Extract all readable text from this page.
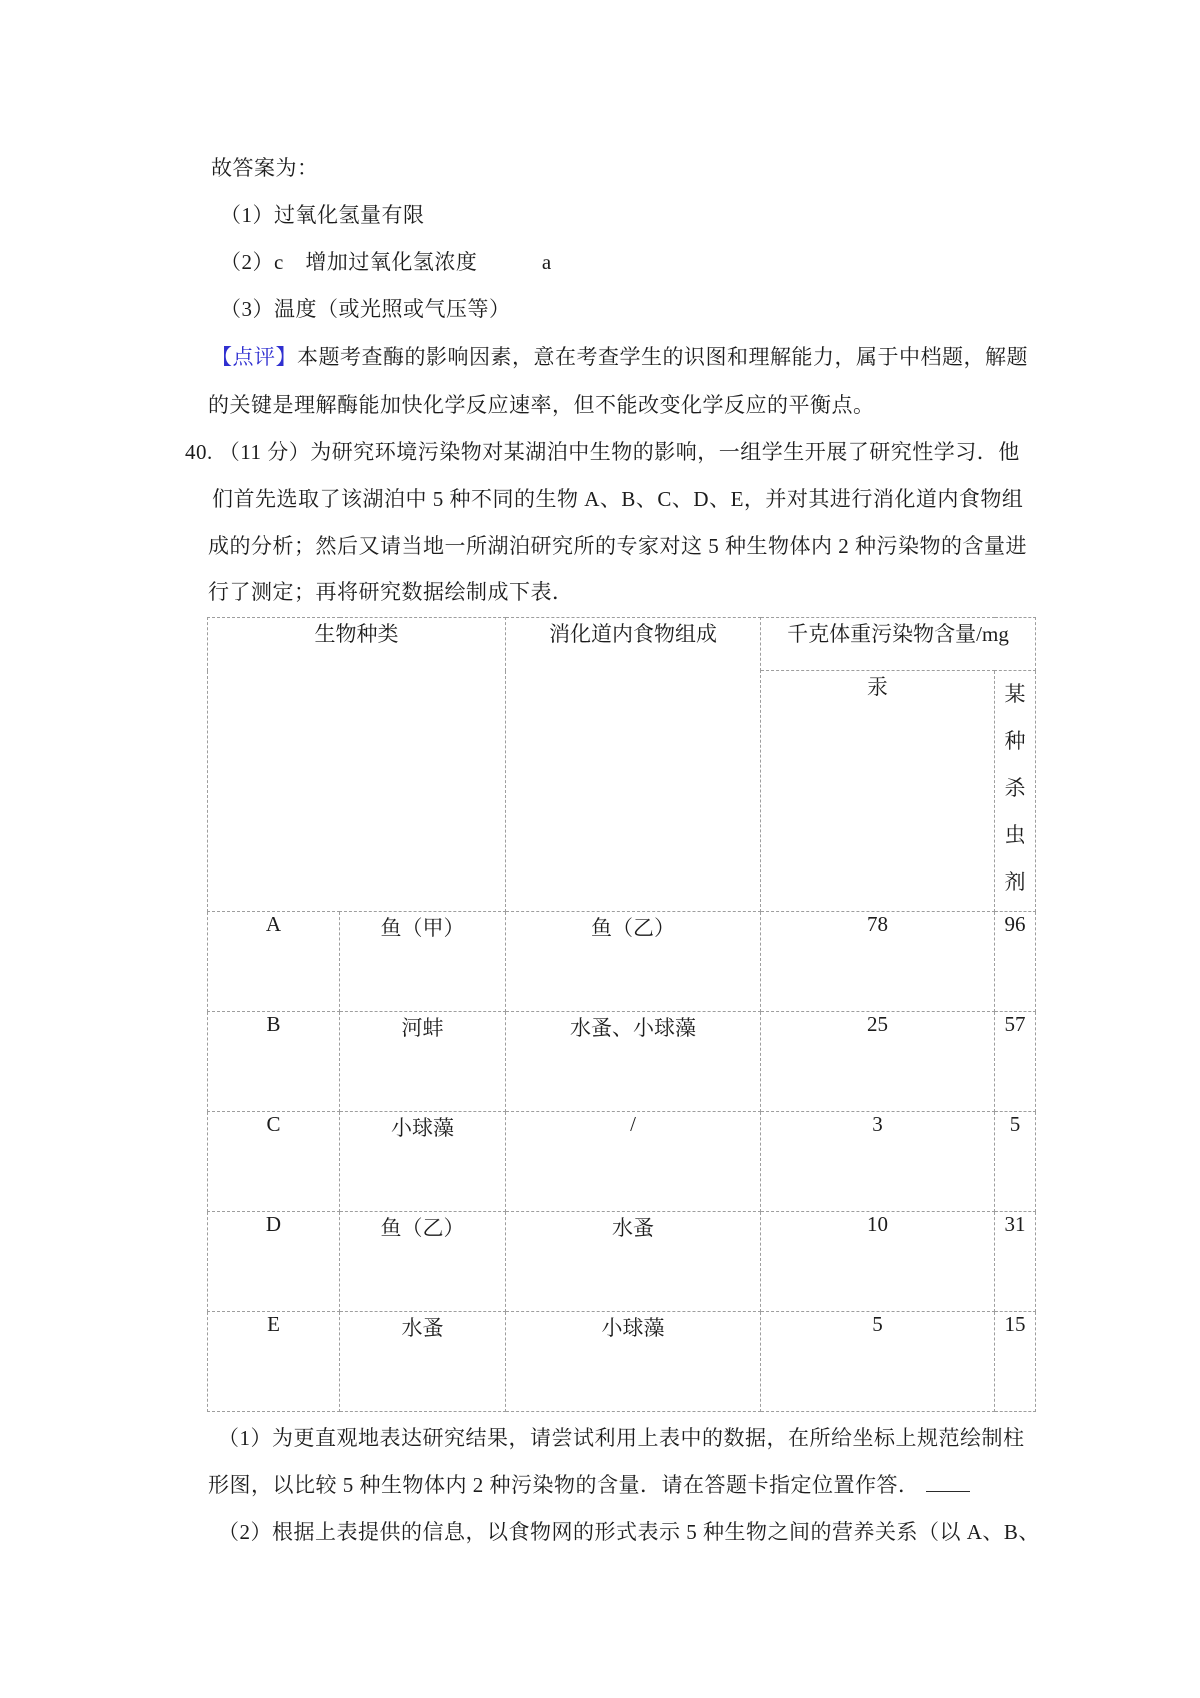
故答案为：
（1）过氧化氢量有限
（2）c　增加过氧化氢浓度　　　a
（3）温度（或光照或气压等）
【点评】本题考查酶的影响因素，意在考查学生的识图和理解能力，属于中档题，解题
的关键是理解酶能加快化学反应速率，但不能改变化学反应的平衡点。
40. （11 分）为研究环境污染物对某湖泊中生物的影响，一组学生开展了研究性学习．他
们首先选取了该湖泊中 5 种不同的生物 A、B、C、D、E，并对其进行消化道内食物组
成的分析；然后又请当地一所湖泊研究所的专家对这 5 种生物体内 2 种污染物的含量进
行了测定；再将研究数据绘制成下表．
生物种类		消化道内食物组成	千克体重污染物含量/mg	
			汞	某种杀虫剂
A	鱼（甲）	鱼（乙）	78	96
B	河蚌	水蚤、小球藻	25	57
C	小球藻	/	3	5
D	鱼（乙）	水蚤	10	31
E	水蚤	小球藻	5	15
（1）为更直观地表达研究结果，请尝试利用上表中的数据，在所给坐标上规范绘制柱
形图，以比较 5 种生物体内 2 种污染物的含量．请在答题卡指定位置作答．
（2）根据上表提供的信息，以食物网的形式表示 5 种生物之间的营养关系（以 A、B、
